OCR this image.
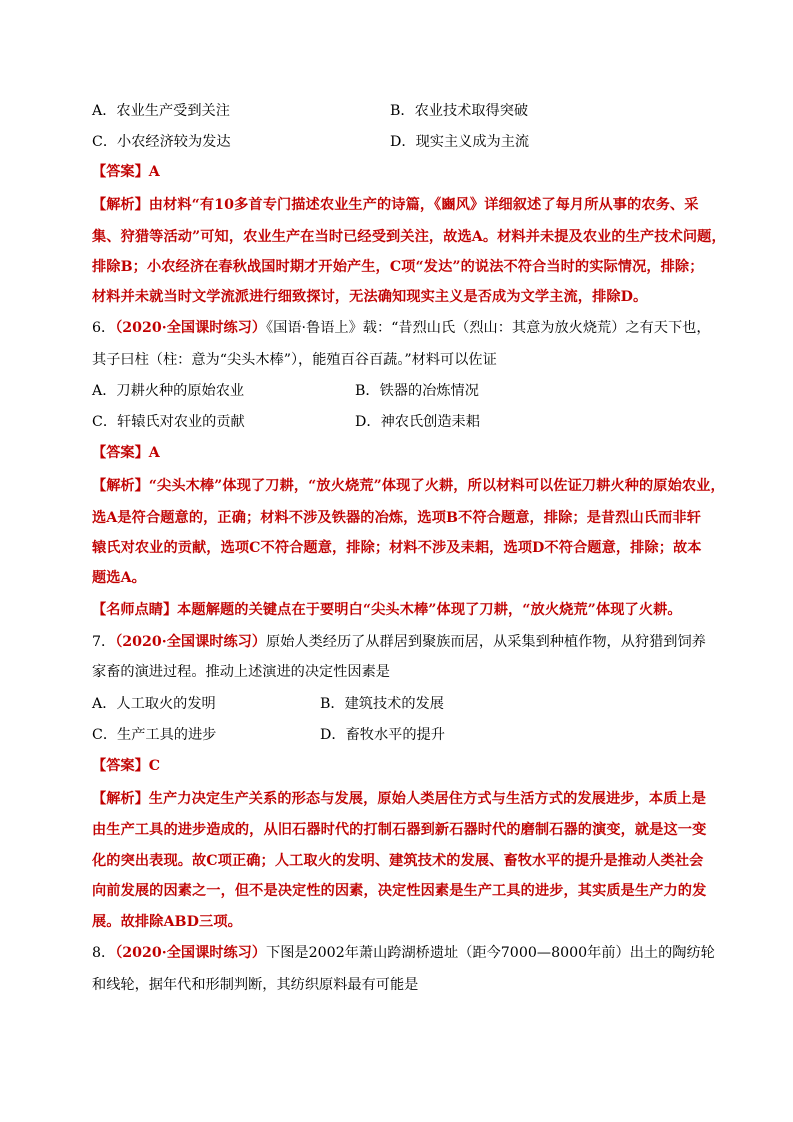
A．农业生产受到关注	B．农业技术取得突破
C．小农经济较为发达	D．现实主义成为主流
【答案】A
【解析】由材料“有10多首专门描述农业生产的诗篇，《豳风》详细叙述了每月所从事的农务、采
集、狩猎等活动”可知，农业生产在当时已经受到关注，故选A。材料并未提及农业的生产技术问题，
排除B；小农经济在春秋战国时期才开始产生，C项“发达”的说法不符合当时的实际情况，排除；
材料并未就当时文学流派进行细致探讨，无法确知现实主义是否成为文学主流，排除D。
6．（2020·全国课时练习）《国语·鲁语上》载：“昔烈山氏（烈山：其意为放火烧荒）之有天下也，
其子曰柱（柱：意为“尖头木棒”），能殖百谷百蔬。”材料可以佐证
A．刀耕火种的原始农业	B．铁器的冶炼情况
C．轩辕氏对农业的贡献	D．神农氏创造耒耜
【答案】A
【解析】“尖头木棒”体现了刀耕，“放火烧荒”体现了火耕，所以材料可以佐证刀耕火种的原始农业，
选A是符合题意的，正确；材料不涉及铁器的冶炼，选项B不符合题意，排除；是昔烈山氏而非轩
辕氏对农业的贡献，选项C不符合题意，排除；材料不涉及耒耜，选项D不符合题意，排除；故本
题选A。
【名师点睛】本题解题的关键点在于要明白“尖头木棒”体现了刀耕，“放火烧荒”体现了火耕。
7．（2020·全国课时练习）原始人类经历了从群居到聚族而居，从采集到种植作物，从狩猎到饲养
家畜的演进过程。推动上述演进的决定性因素是
A．人工取火的发明	B．建筑技术的发展
C．生产工具的进步	D．畜牧水平的提升
【答案】C
【解析】生产力决定生产关系的形态与发展，原始人类居住方式与生活方式的发展进步，本质上是
由生产工具的进步造成的，从旧石器时代的打制石器到新石器时代的磨制石器的演变，就是这一变
化的突出表现。故C项正确；人工取火的发明、建筑技术的发展、畜牧水平的提升是推动人类社会
向前发展的因素之一，但不是决定性的因素，决定性因素是生产工具的进步，其实质是生产力的发
展。故排除ABD三项。
8．（2020·全国课时练习）下图是2002年萧山跨湖桥遗址（距今7000—8000年前）出土的陶纺轮
和线轮，据年代和形制判断，其纺织原料最有可能是
